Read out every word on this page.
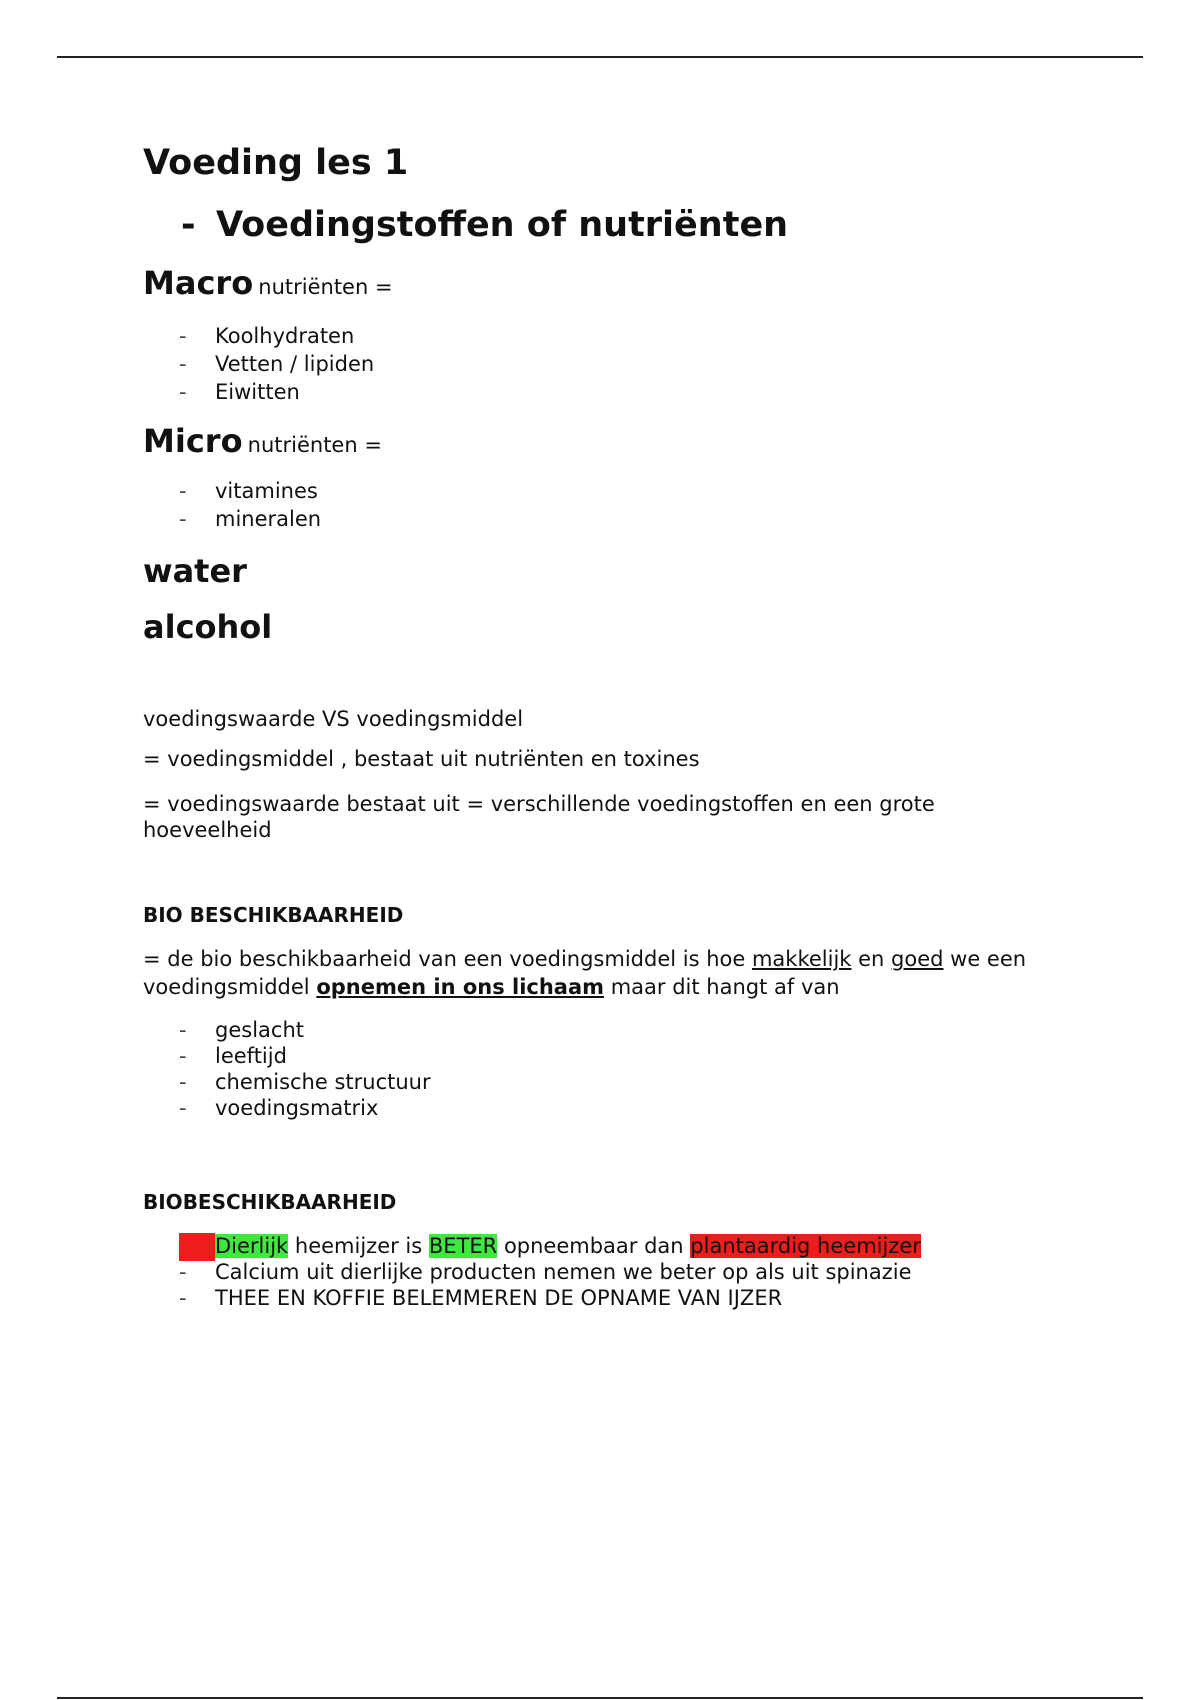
Voeding les 1
- Voedingstoffen of nutriënten
Macro nutriënten =
-	Koolhydraten
-	Vetten / lipiden
-	Eiwitten
Micro nutriënten =
-	vitamines
-	mineralen
water
alcohol
voedingswaarde VS voedingsmiddel
= voedingsmiddel , bestaat uit nutriënten en toxines
= voedingswaarde bestaat uit = verschillende voedingstoffen en een grote hoeveelheid
BIO BESCHIKBAARHEID
= de bio beschikbaarheid van een voedingsmiddel is hoe makkelijk en goed we een voedingsmiddel opnemen in ons lichaam maar dit hangt af van
-	geslacht
-	leeftijd
-	chemische structuur
-	voedingsmatrix
BIOBESCHIKBAARHEID
Dierlijk heemijzer is BETER opneembaar dan plantaardig heemijzer
-	Calcium uit dierlijke producten nemen we beter op als uit spinazie
-	THEE EN KOFFIE BELEMMEREN DE OPNAME VAN IJZER
